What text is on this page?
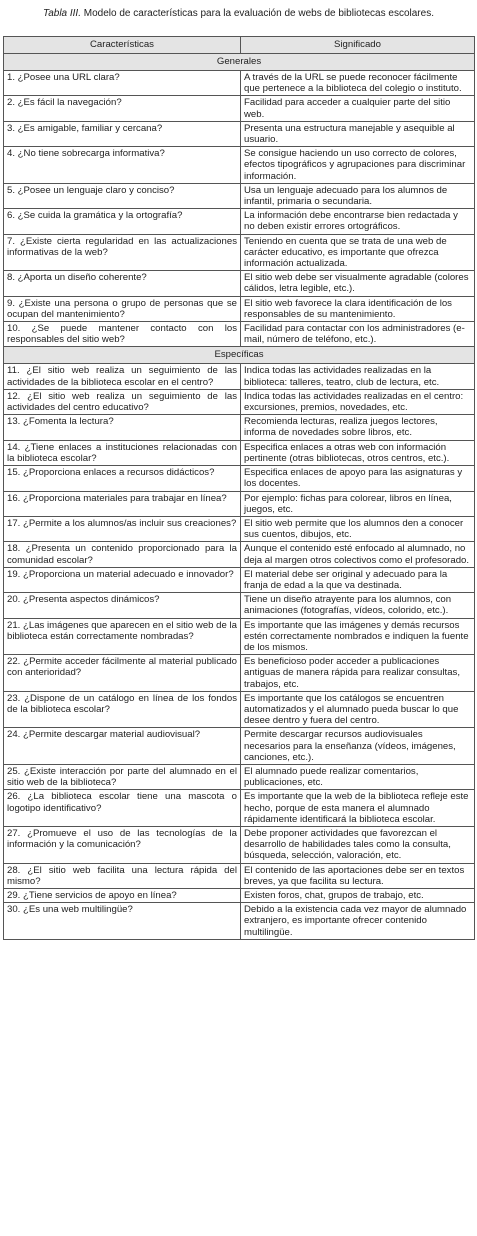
Tabla III. Modelo de características para la evaluación de webs de bibliotecas escolares.
Características	Significado
Generales	
1. ¿Posee una URL clara?	A través de la URL se puede reconocer fácilmente que pertenece a la biblioteca del colegio o instituto.
2. ¿Es fácil la navegación?	Facilidad para acceder a cualquier parte del sitio web.
3. ¿Es amigable, familiar y cercana?	Presenta una estructura manejable y asequible al usuario.
4. ¿No tiene sobrecarga informativa?	Se consigue haciendo un uso correcto de colores, efectos tipográficos y agrupaciones para discriminar información.
5. ¿Posee un lenguaje claro y conciso?	Usa un lenguaje adecuado para los alumnos de infantil, primaria o secundaria.
6. ¿Se cuida la gramática y la ortografía?	La información debe encontrarse bien redactada y no deben existir errores ortográficos.
7. ¿Existe cierta regularidad en las actualizaciones informativas de la web?	Teniendo en cuenta que se trata de una web de carácter educativo, es importante que ofrezca información actualizada.
8. ¿Aporta un diseño coherente?	El sitio web debe ser visualmente agradable (colores cálidos, letra legible, etc.).
9. ¿Existe una persona o grupo de personas que se ocupan del mantenimiento?	El sitio web favorece la clara identificación de los responsables de su mantenimiento.
10. ¿Se puede mantener contacto con los responsables del sitio web?	Facilidad para contactar con los administradores (e-mail, número de teléfono, etc.).
Específicas	
11. ¿El sitio web realiza un seguimiento de las actividades de la biblioteca escolar en el centro?	Indica todas las actividades realizadas en la biblioteca: talleres, teatro, club de lectura, etc.
12. ¿El sitio web realiza un seguimiento de las actividades del centro educativo?	Indica todas las actividades realizadas en el centro: excursiones, premios, novedades, etc.
13. ¿Fomenta la lectura?	Recomienda lecturas, realiza juegos lectores, informa de novedades sobre libros, etc.
14. ¿Tiene enlaces a instituciones relacionadas con la biblioteca escolar?	Especifica enlaces a otras web con información pertinente (otras bibliotecas, otros centros, etc.).
15. ¿Proporciona enlaces a recursos didácticos?	Especifica enlaces de apoyo para las asignaturas y los docentes.
16. ¿Proporciona materiales para trabajar en línea?	Por ejemplo: fichas para colorear, libros en línea, juegos, etc.
17. ¿Permite a los alumnos/as incluir sus creaciones?	El sitio web permite que los alumnos den a conocer sus cuentos, dibujos, etc.
18. ¿Presenta un contenido proporcionado para la comunidad escolar?	Aunque el contenido esté enfocado al alumnado, no deja al margen otros colectivos como el profesorado.
19. ¿Proporciona un material adecuado e innovador?	El material debe ser original y adecuado para la franja de edad a la que va destinada.
20. ¿Presenta aspectos dinámicos?	Tiene un diseño atrayente para los alumnos, con animaciones (fotografías, vídeos, colorido, etc.).
21. ¿Las imágenes que aparecen en el sitio web de la biblioteca están correctamente nombradas?	Es importante que las imágenes y demás recursos estén correctamente nombrados e indiquen la fuente de los mismos.
22. ¿Permite acceder fácilmente al material publicado con anterioridad?	Es beneficioso poder acceder a publicaciones antiguas de manera rápida para realizar consultas, trabajos, etc.
23. ¿Dispone de un catálogo en línea de los fondos de la biblioteca escolar?	Es importante que los catálogos se encuentren automatizados y el alumnado pueda buscar lo que desee dentro y fuera del centro.
24. ¿Permite descargar material audiovisual?	Permite descargar recursos audiovisuales necesarios para la enseñanza (vídeos, imágenes, canciones, etc.).
25. ¿Existe interacción por parte del alumnado en el sitio web de la biblioteca?	El alumnado puede realizar comentarios, publicaciones, etc.
26. ¿La biblioteca escolar tiene una mascota o logotipo identificativo?	Es importante que la web de la biblioteca refleje este hecho, porque de esta manera el alumnado rápidamente identificará la biblioteca escolar.
27. ¿Promueve el uso de las tecnologías de la información y la comunicación?	Debe proponer actividades que favorezcan el desarrollo de habilidades tales como la consulta, búsqueda, selección, valoración, etc.
28. ¿El sitio web facilita una lectura rápida del mismo?	El contenido de las aportaciones debe ser en textos breves, ya que facilita su lectura.
29. ¿Tiene servicios de apoyo en línea?	Existen foros, chat, grupos de trabajo, etc.
30. ¿Es una web multilingüe?	Debido a la existencia cada vez mayor de alumnado extranjero, es importante ofrecer contenido multilingüe.
